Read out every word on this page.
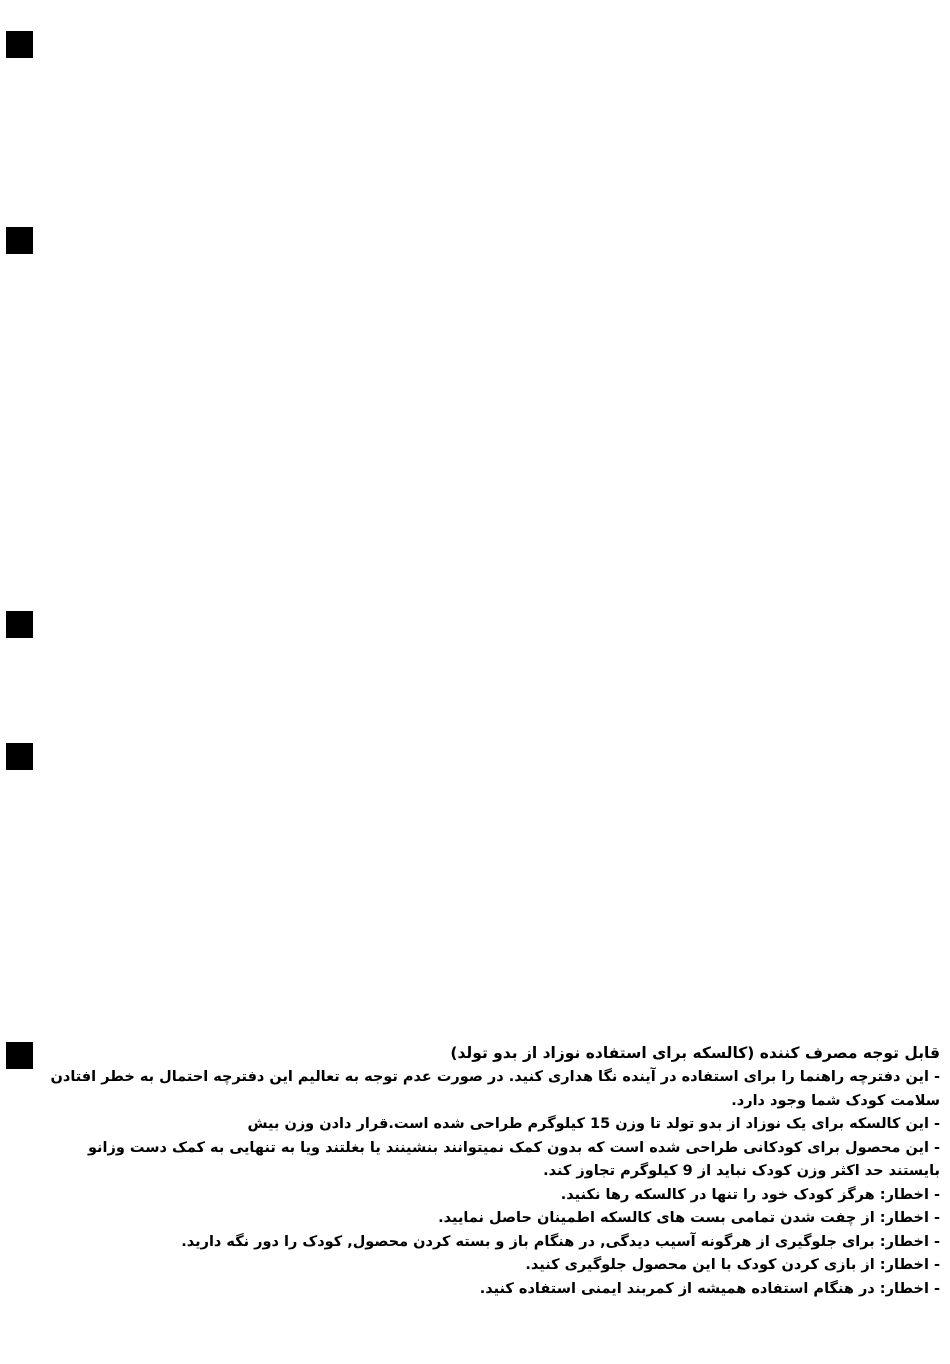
قابل توجه مصرف کننده (کالسکه برای استفاده نوزاد از بدو تولد)
- این دفترچه راهنما را برای استفاده در آینده نگا هداری کنید. در صورت عدم توجه به تعالیم این دفترچه احتمال به خطر افتادن سلامت کودک شما وجود دارد.
- این کالسکه برای یک نوزاد از بدو تولد تا وزن 15 کیلوگرم طراحی شده است.قرار دادن وزن بیش
- این محصول برای کودکانی طراحی شده است که بدون کمک نمیتوانند بنشینند یا بغلتند ویا به تنهایی به کمک دست وزانو بایستند حد اکثر وزن کودک نباید از 9 کیلوگرم تجاوز کند.
- اخطار: هرگز کودک خود را تنها در کالسکه رها نکنید.
- اخطار: از چفت شدن تمامی بست های کالسکه اطمینان حاصل نمایید.
- اخطار: برای جلوگیری از هرگونه آسیب دیدگی, در هنگام باز و بسته کردن محصول, کودک را دور نگه دارید.
- اخطار: از بازی کردن کودک با این محصول جلوگیری کنید.
- اخطار: در هنگام استفاده همیشه از کمربند ایمنی استفاده کنید.
